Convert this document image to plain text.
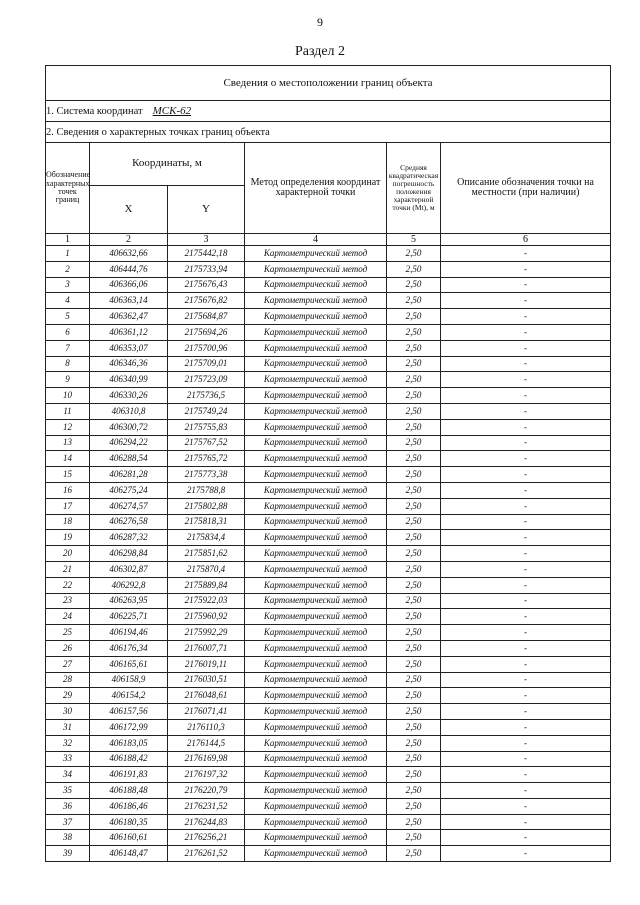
9
Раздел 2
Сведения о местоположении границ объекта					
1. Система координат МСК-62					
2. Сведения о характерных точках границ объекта					
Обозначение характерных точек границ	Координаты, м		Метод определения координат характерной точки	Средняя квадратическая погрешность положения характерной точки (Mt), м	Описание обозначения точки на местности (при наличии)
	X	Y			
1	2	3	4	5	6
1	406632,66	2175442,18	Картометрический метод	2,50	-
2	406444,76	2175733,94	Картометрический метод	2,50	-
3	406366,06	2175676,43	Картометрический метод	2,50	-
4	406363,14	2175676,82	Картометрический метод	2,50	-
5	406362,47	2175684,87	Картометрический метод	2,50	-
6	406361,12	2175694,26	Картометрический метод	2,50	-
7	406353,07	2175700,96	Картометрический метод	2,50	-
8	406346,36	2175709,01	Картометрический метод	2,50	-
9	406340,99	2175723,09	Картометрический метод	2,50	-
10	406330,26	2175736,5	Картометрический метод	2,50	-
11	406310,8	2175749,24	Картометрический метод	2,50	-
12	406300,72	2175755,83	Картометрический метод	2,50	-
13	406294,22	2175767,52	Картометрический метод	2,50	-
14	406288,54	2175765,72	Картометрический метод	2,50	-
15	406281,28	2175773,38	Картометрический метод	2,50	-
16	406275,24	2175788,8	Картометрический метод	2,50	-
17	406274,57	2175802,88	Картометрический метод	2,50	-
18	406276,58	2175818,31	Картометрический метод	2,50	-
19	406287,32	2175834,4	Картометрический метод	2,50	-
20	406298,84	2175851,62	Картометрический метод	2,50	-
21	406302,87	2175870,4	Картометрический метод	2,50	-
22	406292,8	2175889,84	Картометрический метод	2,50	-
23	406263,95	2175922,03	Картометрический метод	2,50	-
24	406225,71	2175960,92	Картометрический метод	2,50	-
25	406194,46	2175992,29	Картометрический метод	2,50	-
26	406176,34	2176007,71	Картометрический метод	2,50	-
27	406165,61	2176019,11	Картометрический метод	2,50	-
28	406158,9	2176030,51	Картометрический метод	2,50	-
29	406154,2	2176048,61	Картометрический метод	2,50	-
30	406157,56	2176071,41	Картометрический метод	2,50	-
31	406172,99	2176110,3	Картометрический метод	2,50	-
32	406183,05	2176144,5	Картометрический метод	2,50	-
33	406188,42	2176169,98	Картометрический метод	2,50	-
34	406191,83	2176197,32	Картометрический метод	2,50	-
35	406188,48	2176220,79	Картометрический метод	2,50	-
36	406186,46	2176231,52	Картометрический метод	2,50	-
37	406180,35	2176244,83	Картометрический метод	2,50	-
38	406160,61	2176256,21	Картометрический метод	2,50	-
39	406148,47	2176261,52	Картометрический метод	2,50	-
